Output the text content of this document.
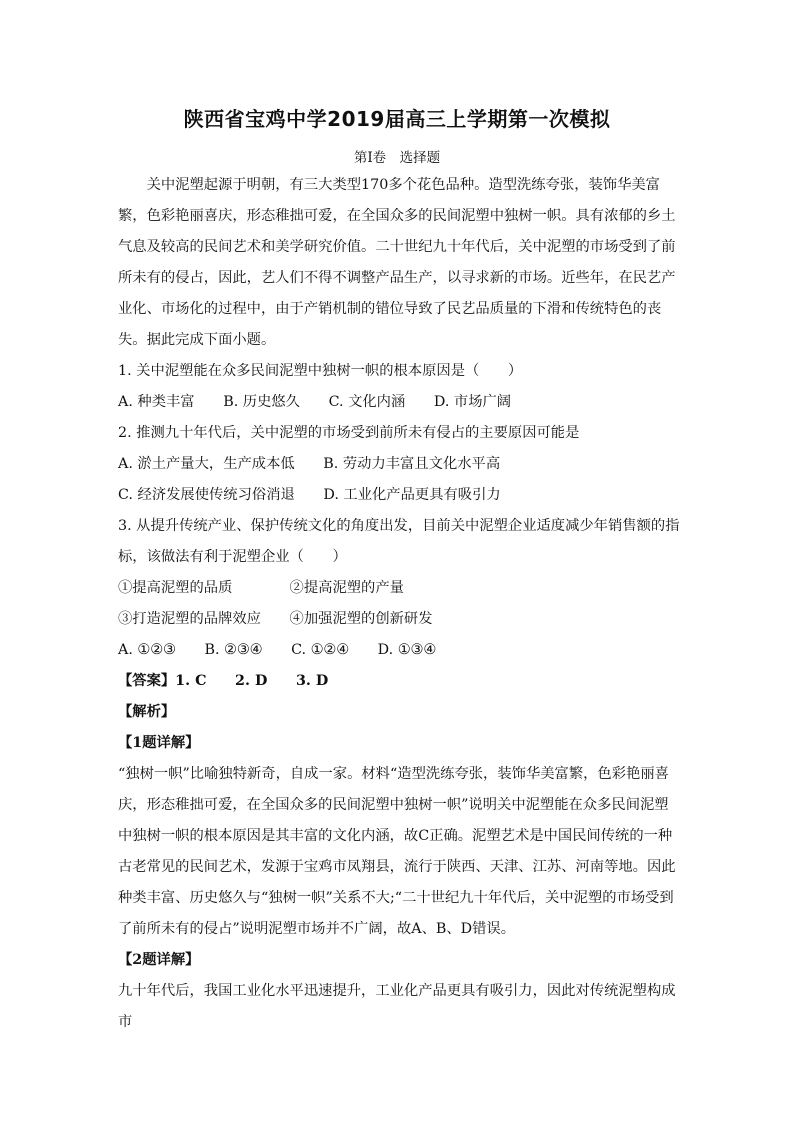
陕西省宝鸡中学2019届高三上学期第一次模拟
第Ⅰ卷　选择题

关中泥塑起源于明朝，有三大类型170多个花色品种。造型洗练夸张，装饰华美富繁，色彩艳丽喜庆，形态稚拙可爱，在全国众多的民间泥塑中独树一帜。具有浓郁的乡土气息及较高的民间艺术和美学研究价值。二十世纪九十年代后，关中泥塑的市场受到了前所未有的侵占，因此，艺人们不得不调整产品生产，以寻求新的市场。近些年，在民艺产业化、市场化的过程中，由于产销机制的错位导致了民艺品质量的下滑和传统特色的丧失。据此完成下面小题。

1. 关中泥塑能在众多民间泥塑中独树一帜的根本原因是（　　）

A. 种类丰富　　B. 历史悠久　　C. 文化内涵　　D. 市场广阔

2. 推测九十年代后，关中泥塑的市场受到前所未有侵占的主要原因可能是

A. 淤土产量大，生产成本低　　B. 劳动力丰富且文化水平高

C. 经济发展使传统习俗消退　　D. 工业化产品更具有吸引力

3. 从提升传统产业、保护传统文化的角度出发，目前关中泥塑企业适度减少年销售额的指标，该做法有利于泥塑企业（　　）

①提高泥塑的品质　　　　②提高泥塑的产量

③打造泥塑的品牌效应　　④加强泥塑的创新研发

A. ①②③　　B. ②③④　　C. ①②④　　D. ①③④

【答案】1. C　　2. D　　3. D

【解析】

【1题详解】

“独树一帜”比喻独特新奇，自成一家。材料“造型洗练夸张，装饰华美富繁，色彩艳丽喜庆，形态稚拙可爱，在全国众多的民间泥塑中独树一帜”说明关中泥塑能在众多民间泥塑中独树一帜的根本原因是其丰富的文化内涵，故C正确。泥塑艺术是中国民间传统的一种古老常见的民间艺术，发源于宝鸡市凤翔县，流行于陕西、天津、江苏、河南等地。因此种类丰富、历史悠久与“独树一帜”关系不大;“二十世纪九十年代后，关中泥塑的市场受到了前所未有的侵占”说明泥塑市场并不广阔，故A、B、D错误。

【2题详解】

九十年代后，我国工业化水平迅速提升，工业化产品更具有吸引力，因此对传统泥塑构成市
